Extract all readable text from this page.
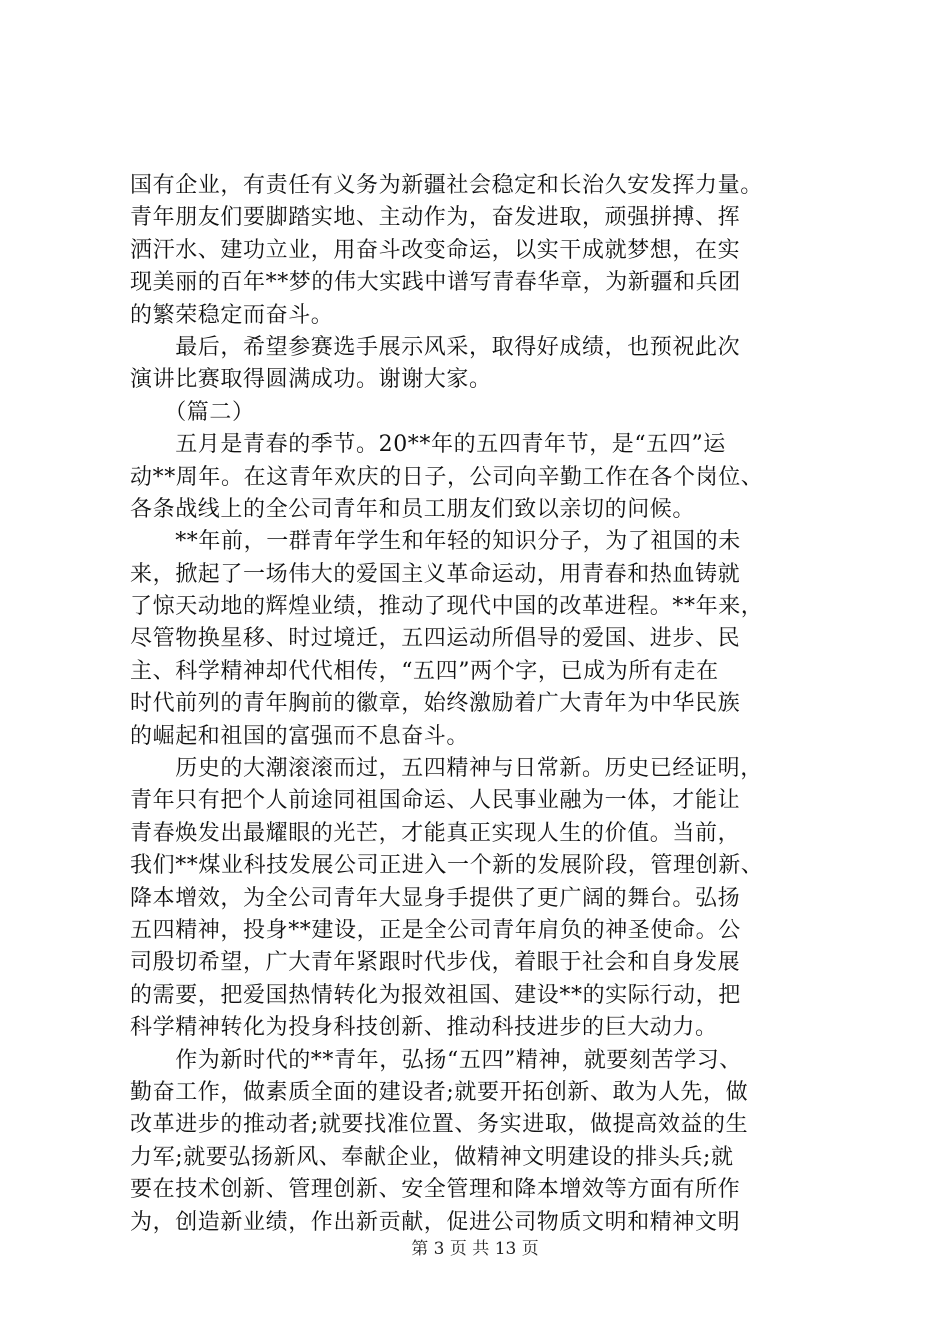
国有企业，有责任有义务为新疆社会稳定和长治久安发挥力量。
青年朋友们要脚踏实地、主动作为，奋发进取，顽强拼搏、挥
洒汗水、建功立业，用奋斗改变命运，以实干成就梦想，在实
现美丽的百年**梦的伟大实践中谱写青春华章，为新疆和兵团
的繁荣稳定而奋斗。
　　最后，希望参赛选手展示风采，取得好成绩，也预祝此次
演讲比赛取得圆满成功。谢谢大家。
　　（篇二）
　　五月是青春的季节。20**年的五四青年节，是“五四”运
动**周年。在这青年欢庆的日子，公司向辛勤工作在各个岗位、
各条战线上的全公司青年和员工朋友们致以亲切的问候。
　　**年前，一群青年学生和年轻的知识分子，为了祖国的未
来，掀起了一场伟大的爱国主义革命运动，用青春和热血铸就
了惊天动地的辉煌业绩，推动了现代中国的改革进程。**年来，
尽管物换星移、时过境迁，五四运动所倡导的爱国、进步、民
主、科学精神却代代相传，“五四”两个字，已成为所有走在
时代前列的青年胸前的徽章，始终激励着广大青年为中华民族
的崛起和祖国的富强而不息奋斗。
　　历史的大潮滚滚而过，五四精神与日常新。历史已经证明，
青年只有把个人前途同祖国命运、人民事业融为一体，才能让
青春焕发出最耀眼的光芒，才能真正实现人生的价值。当前，
我们**煤业科技发展公司正进入一个新的发展阶段，管理创新、
降本增效，为全公司青年大显身手提供了更广阔的舞台。弘扬
五四精神，投身**建设，正是全公司青年肩负的神圣使命。公
司殷切希望，广大青年紧跟时代步伐，着眼于社会和自身发展
的需要，把爱国热情转化为报效祖国、建设**的实际行动，把
科学精神转化为投身科技创新、推动科技进步的巨大动力。
　　作为新时代的**青年，弘扬“五四”精神，就要刻苦学习、
勤奋工作，做素质全面的建设者;就要开拓创新、敢为人先，做
改革进步的推动者;就要找准位置、务实进取，做提高效益的生
力军;就要弘扬新风、奉献企业，做精神文明建设的排头兵;就
要在技术创新、管理创新、安全管理和降本增效等方面有所作
为，创造新业绩，作出新贡献，促进公司物质文明和精神文明
第 3 页 共 13 页
